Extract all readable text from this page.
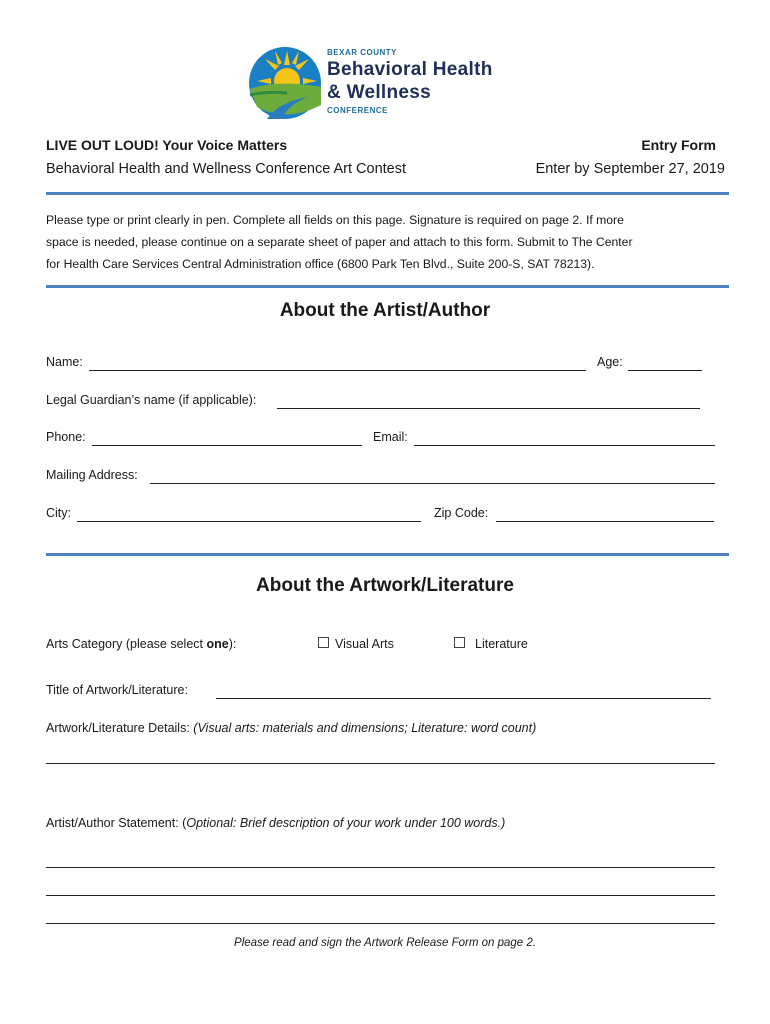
BEXAR COUNTY
Behavioral Health
& Wellness
CONFERENCE
LIVE OUT LOUD! Your Voice Matters
Behavioral Health and Wellness Conference Art Contest
Entry Form
Enter by September 27, 2019
Please type or print clearly in pen. Complete all fields on this page. Signature is required on page 2. If more
space is needed, please continue on a separate sheet of paper and attach to this form. Submit to The Center
for Health Care Services Central Administration office (6800 Park Ten Blvd., Suite 200-S, SAT 78213).
About the Artist/Author
Name:	Age:
Legal Guardian’s name (if applicable):
Phone:	Email:
Mailing Address:
City:	Zip Code:
About the Artwork/Literature
Arts Category (please select one):	Visual Arts	Literature
Title of Artwork/Literature:
Artwork/Literature Details: (Visual arts: materials and dimensions; Literature: word count)
Artist/Author Statement: (Optional: Brief description of your work under 100 words.)
Please read and sign the Artwork Release Form on page 2.
